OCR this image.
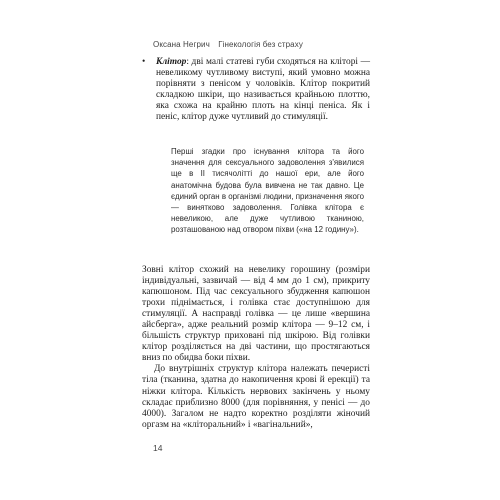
Оксана Негрич Гінекологія без страху
• Клітор: дві малі статеві губи сходяться на кліторі — невеликому чутливому виступі, який умовно можна порівняти з пенісом у чоловіків. Клітор покритий складкою шкіри, що називається крайньою плоттю, яка схожа на крайню плоть на кінці пеніса. Як і пеніс, клітор дуже чутливий до стимуляції.
Перші згадки про існування клітора та його значення для сексуального задоволення з'явилися ще в II тисячолітті до нашої ери, але його анатомічна будова була вивчена не так давно. Це єдиний орган в організмі людини, призначення якого — винятково задоволення. Голівка клітора є невеликою, але дуже чутливою тканиною, розташованою над отвором піхви («на 12 годину»).

Зовні клітор схожий на невелику горошину (розміри індивідуальні, зазвичай — від 4 мм до 1 см), прикриту капюшоном. Під час сексуального збудження капюшон трохи піднімається, і голівка стає доступнішою для стимуляції. А насправді голівка — це лише «вершина айсберга», адже реальний розмір клітора — 9–12 см, і більшість структур приховані під шкірою. Від голівки клітор розділяється на дві частини, що простягаються вниз по обидва боки піхви.

До внутрішніх структур клітора належать печеристі тіла (тканина, здатна до накопичення крові й ерекції) та ніжки клітора. Кількість нервових закінчень у ньому складає приблизно 8000 (для порівняння, у пенісі — до 4000). Загалом не надто коректно розділяти жіночий оргазм на «кліторальний» і «вагінальний»,

14
